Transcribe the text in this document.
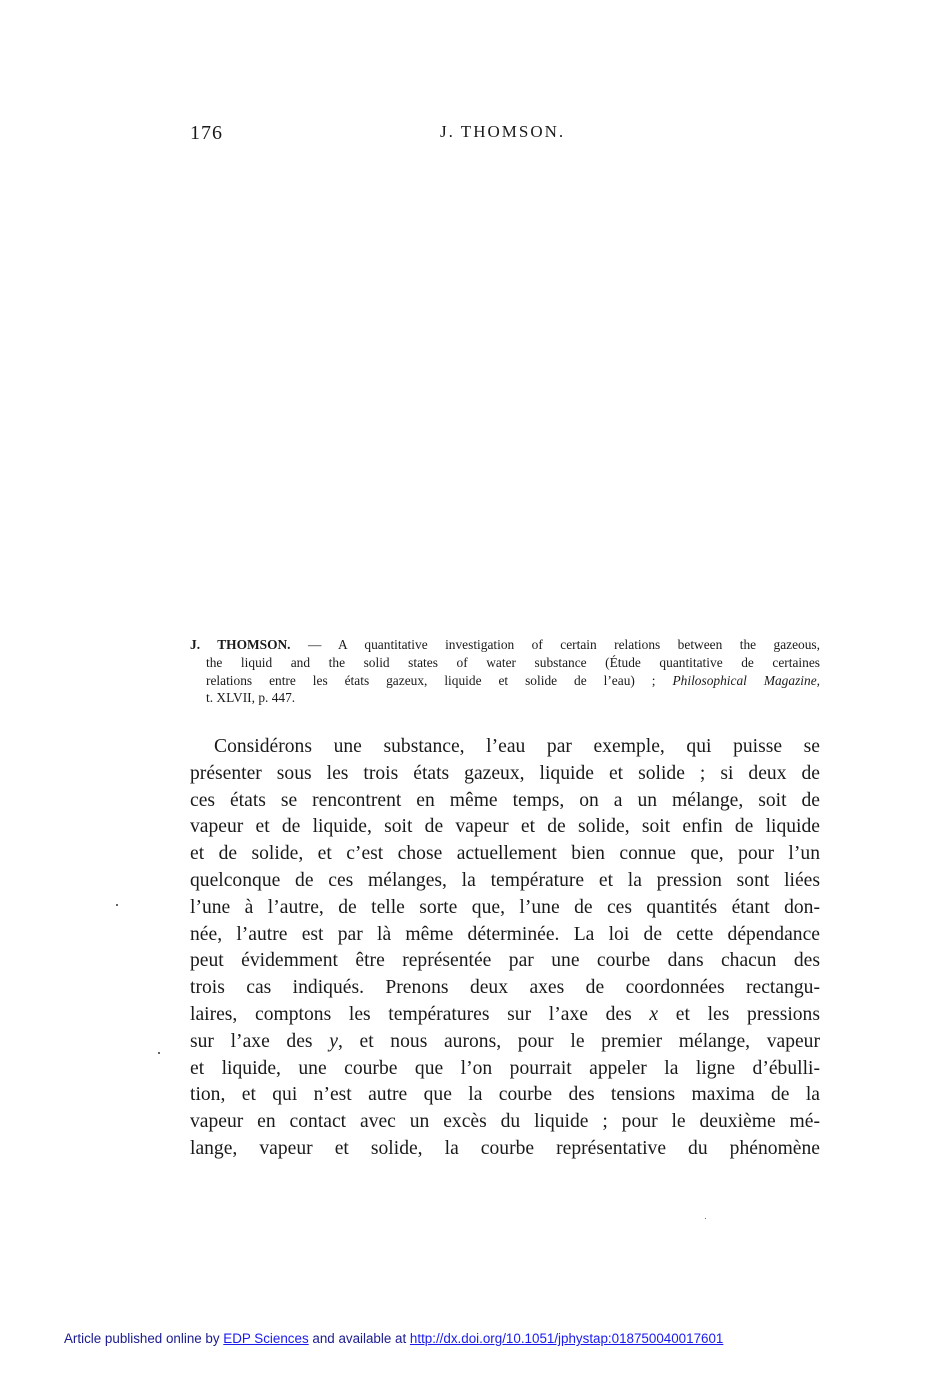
176	J. THOMSON.
J. THOMSON. — A quantitative investigation of certain relations between the gazeous,
the liquid and the solid states of water substance (Étude quantitative de certaines
relations entre les états gazeux, liquide et solide de l’eau) ; Philosophical Magazine,
t. XLVII, p. 447.
Considérons une substance, l’eau par exemple, qui puisse se
présenter sous les trois états gazeux, liquide et solide ; si deux de
ces états se rencontrent en même temps, on a un mélange, soit de
vapeur et de liquide, soit de vapeur et de solide, soit enfin de liquide
et de solide, et c’est chose actuellement bien connue que, pour l’un
quelconque de ces mélanges, la température et la pression sont liées
l’une à l’autre, de telle sorte que, l’une de ces quantités étant don-
née, l’autre est par là même déterminée. La loi de cette dépendance
peut évidemment être représentée par une courbe dans chacun des
trois cas indiqués. Prenons deux axes de coordonnées rectangu-
laires, comptons les températures sur l’axe des x et les pressions
sur l’axe des y, et nous aurons, pour le premier mélange, vapeur
et liquide, une courbe que l’on pourrait appeler la ligne d’ébulli-
tion, et qui n’est autre que la courbe des tensions maxima de la
vapeur en contact avec un excès du liquide ; pour le deuxième mé-
lange, vapeur et solide, la courbe représentative du phénomène
Article published online by EDP Sciences and available at http://dx.doi.org/10.1051/jphystap:018750040017601
